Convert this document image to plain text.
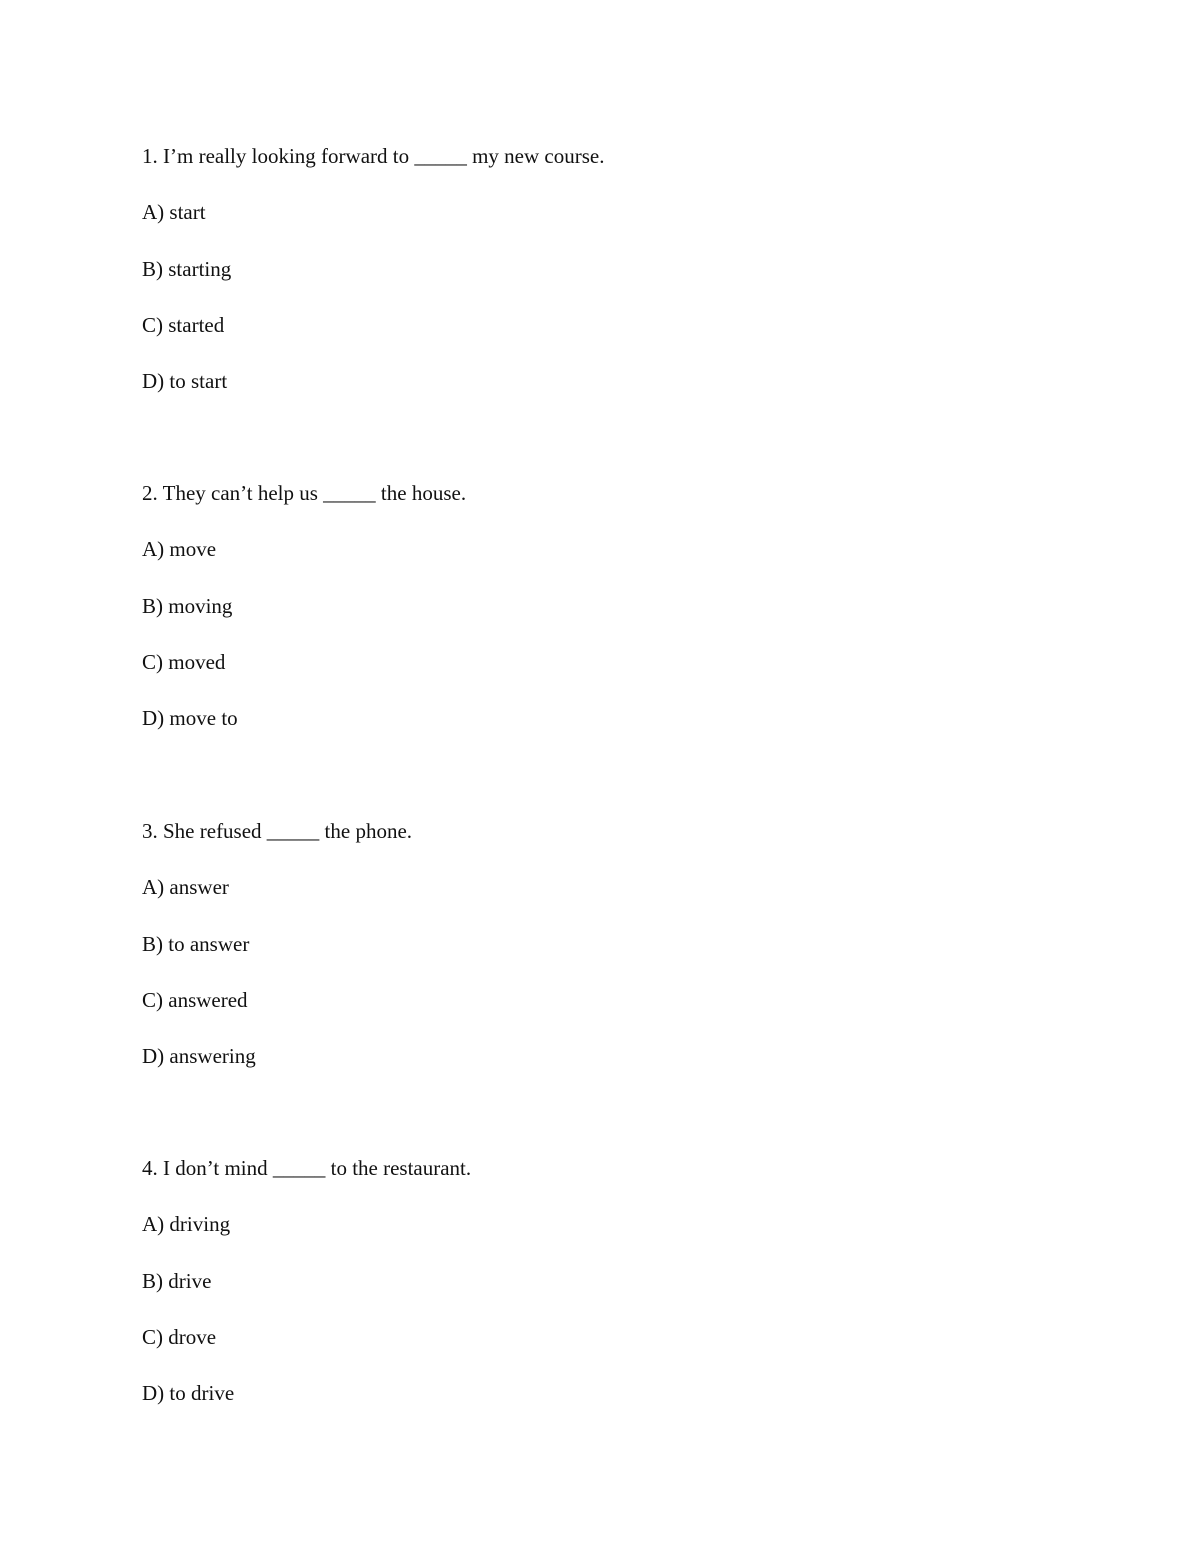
1. I’m really looking forward to _____ my new course.
A) start
B) starting
C) started
D) to start
2. They can’t help us _____ the house.
A) move
B) moving
C) moved
D) move to
3. She refused _____ the phone.
A) answer
B) to answer
C) answered
D) answering
4. I don’t mind _____ to the restaurant.
A) driving
B) drive
C) drove
D) to drive
